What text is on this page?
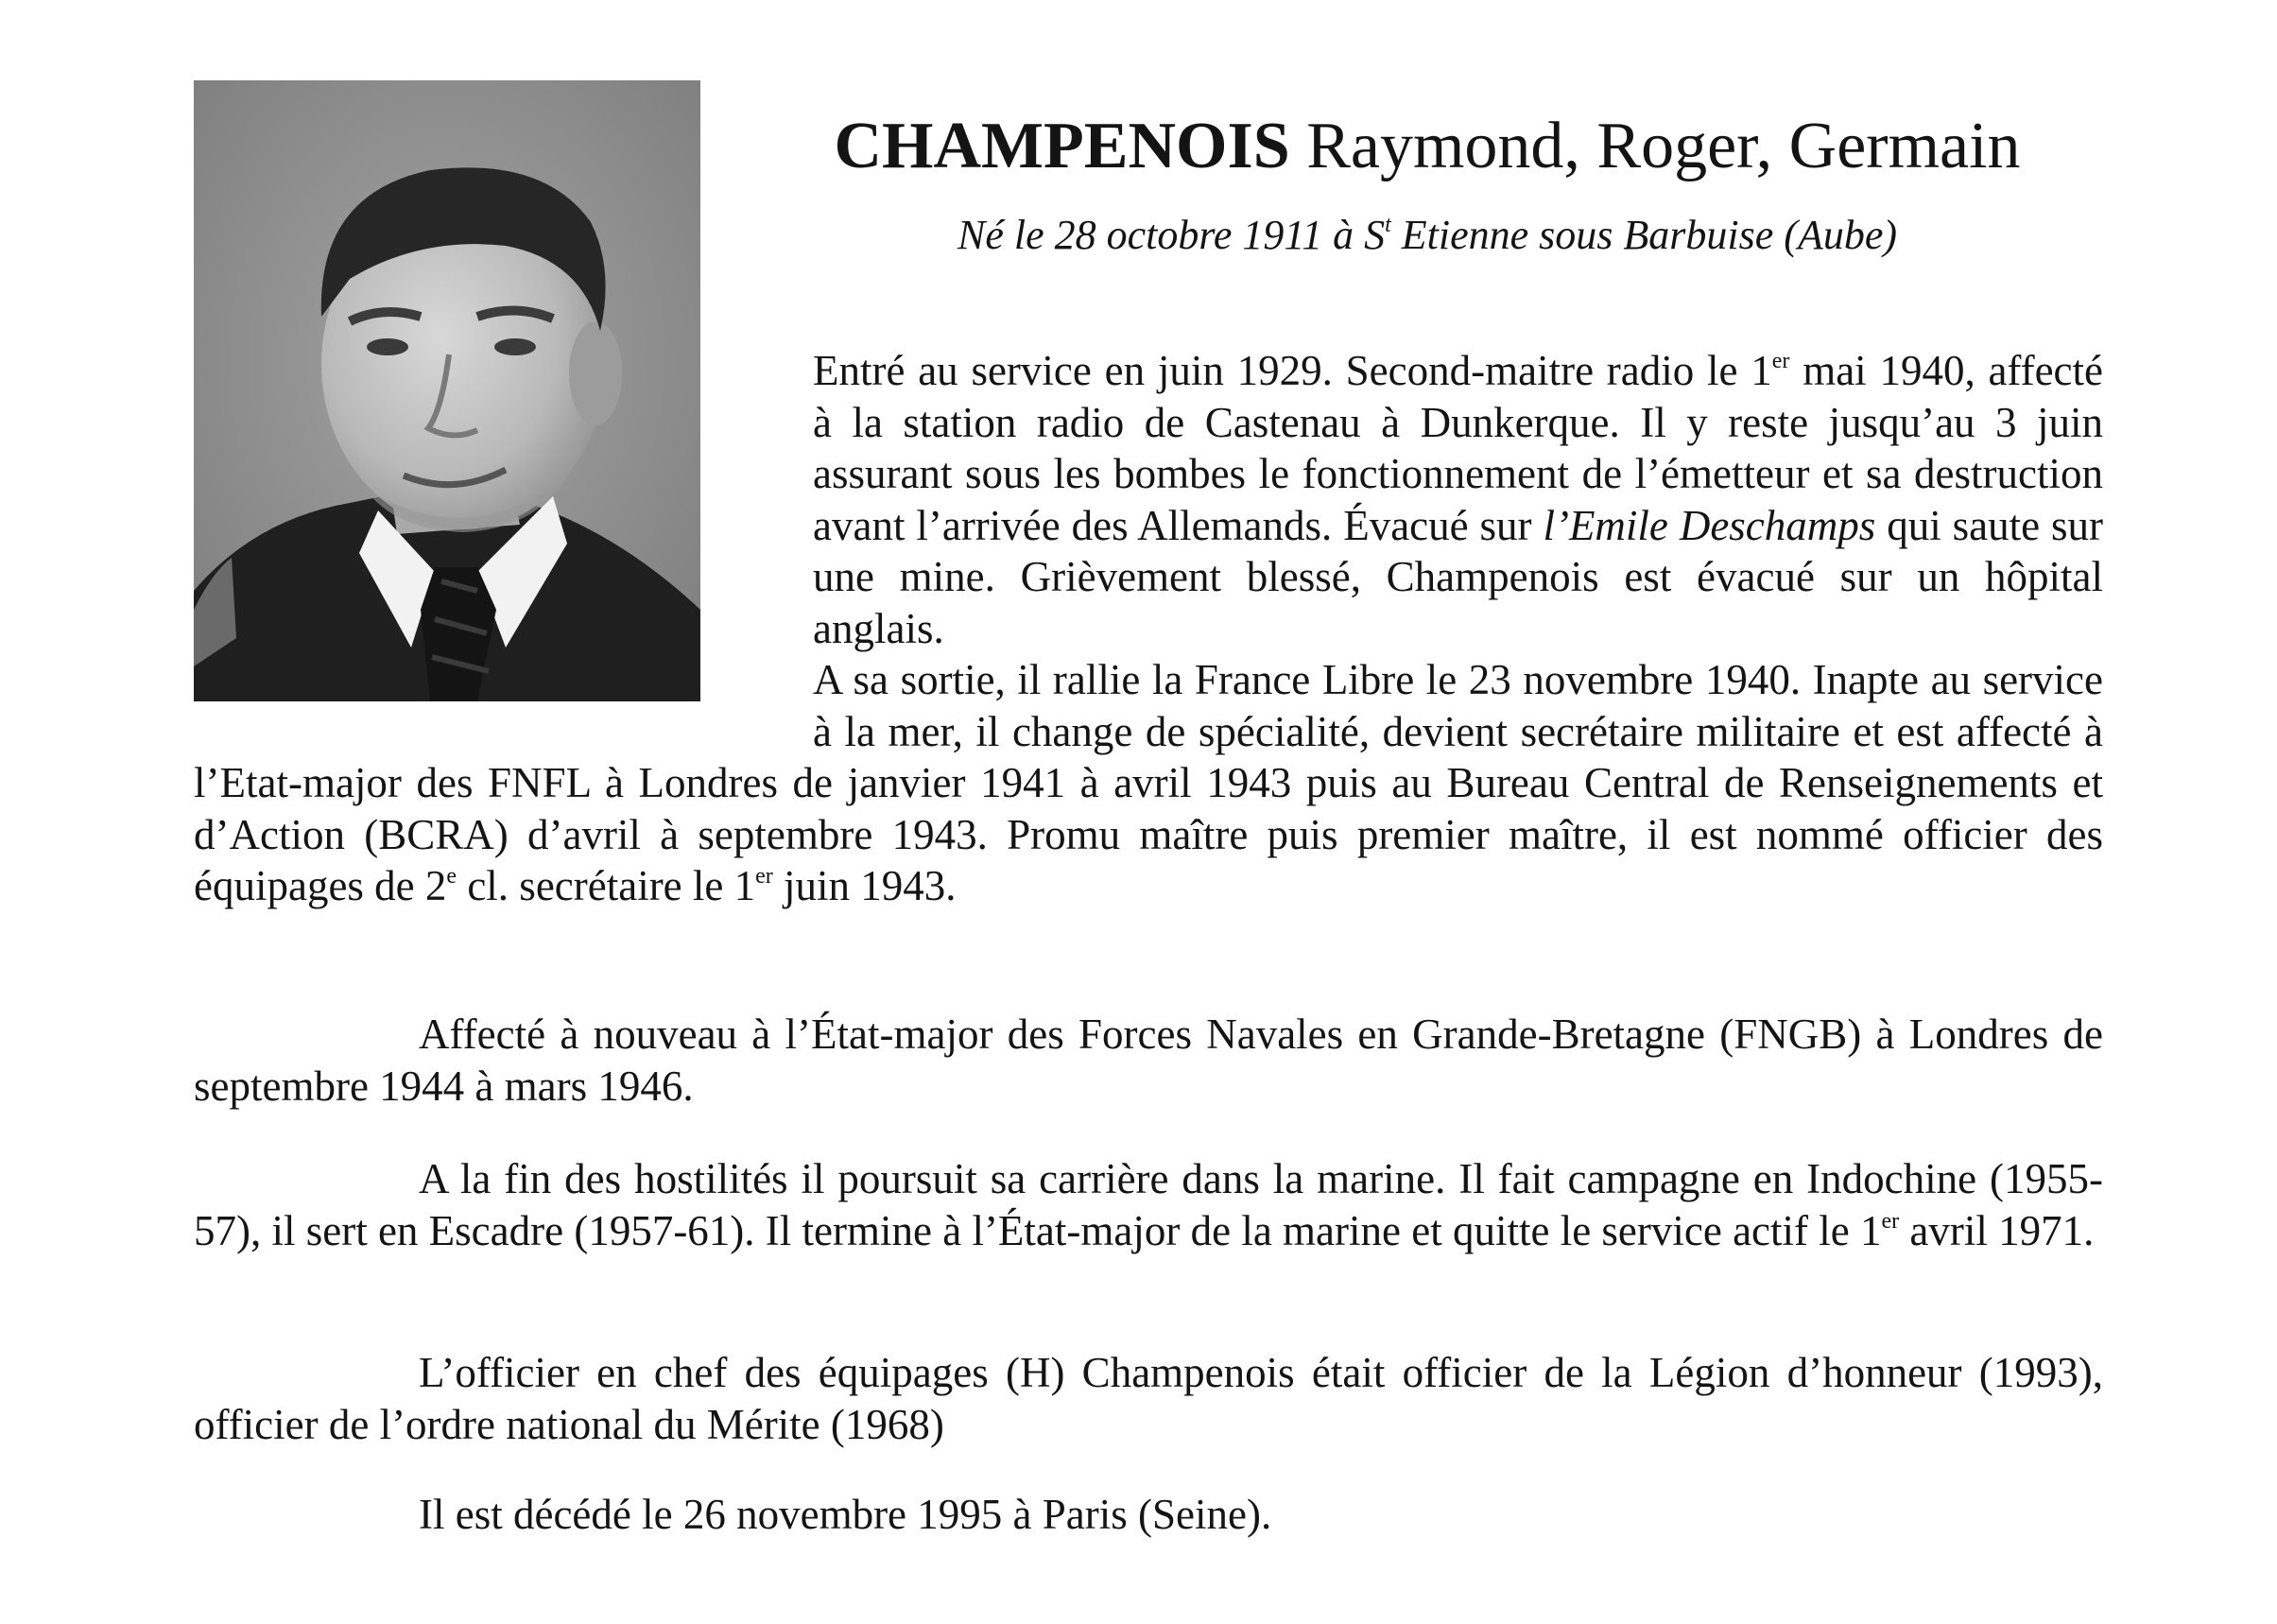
CHAMPENOIS Raymond, Roger, Germain

Né le 28 octobre 1911 à $S^t$ Etienne sous Barbuise (Aube)

Entré au service en juin 1929. Second-maitre radio le 1er mai 1940, affecté à la station radio de Castenau à Dunkerque. Il y reste jusqu’au 3 juin assurant sous les bombes le fonctionnement de l’émetteur et sa destruction avant l’arrivée des Allemands. Évacué sur l’Emile Deschamps qui saute sur une mine. Grièvement blessé, Champenois est évacué sur un hôpital anglais.

A sa sortie, il rallie la France Libre le 23 novembre 1940. Inapte au service à la mer, il change de spécialité, devient secrétaire militaire et est affecté à l’Etat-major des FNFL à Londres de janvier 1941 à avril 1943 puis au Bureau Central de Renseignements et d’Action (BCRA) d’avril à septembre 1943. Promu maître puis premier maître, il est nommé officier des équipages de 2e cl. secrétaire le 1er juin 1943.

Affecté à nouveau à l’État-major des Forces Navales en Grande-Bretagne (FNGB) à Londres de septembre 1944 à mars 1946.

A la fin des hostilités il poursuit sa carrière dans la marine. Il fait campagne en Indochine (1955-57), il sert en Escadre (1957-61). Il termine à l’État-major de la marine et quitte le service actif le 1er avril 1971.

L’officier en chef des équipages (H) Champenois était officier de la Légion d’honneur (1993), officier de l’ordre national du Mérite (1968)

Il est décédé le 26 novembre 1995 à Paris (Seine).
